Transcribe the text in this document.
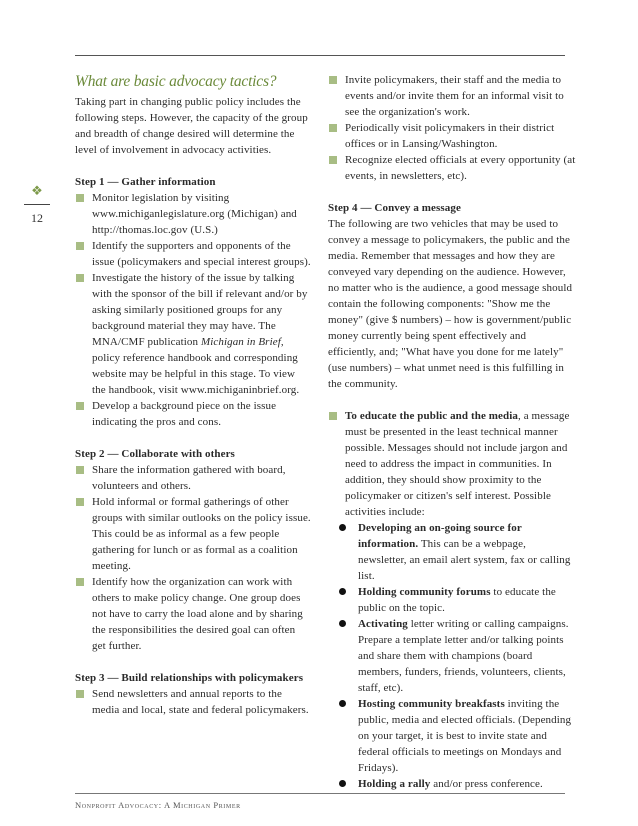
❖
12
What are basic advocacy tactics?

Taking part in changing public policy includes the following steps. However, the capacity of the group and breadth of change desired will determine the level of involvement in advocacy activities.

Step 1 — Gather information

Monitor legislation by visiting www.michiganlegislature.org (Michigan) and http://thomas.loc.gov (U.S.)
Identify the supporters and opponents of the issue (policymakers and special interest groups).
Investigate the history of the issue by talking with the sponsor of the bill if relevant and/or by asking similarly positioned groups for any background material they may have. The MNA/CMF publication Michigan in Brief, policy reference handbook and corresponding website may be helpful in this stage. To view the handbook, visit www.michiganinbrief.org.
Develop a background piece on the issue indicating the pros and cons.

Step 2 — Collaborate with others

Share the information gathered with board, volunteers and others.
Hold informal or formal gatherings of other groups with similar outlooks on the policy issue. This could be as informal as a few people gathering for lunch or as formal as a coalition meeting.
Identify how the organization can work with others to make policy change. One group does not have to carry the load alone and by sharing the responsibilities the desired goal can often get further.

Step 3 — Build relationships with policymakers

Send newsletters and annual reports to the media and local, state and federal policymakers.
Invite policymakers, their staff and the media to events and/or invite them for an informal visit to see the organization's work.
Periodically visit policymakers in their district offices or in Lansing/Washington.
Recognize elected officials at every opportunity (at events, in newsletters, etc).

Step 4 — Convey a message

The following are two vehicles that may be used to convey a message to policymakers, the public and the media. Remember that messages and how they are conveyed vary depending on the audience. However, no matter who is the audience, a good message should contain the following components: "Show me the money" (give $ numbers) – how is government/public money currently being spent effectively and efficiently, and; "What have you done for me lately" (use numbers) – what unmet need is this fulfilling in the community.

To educate the public and the media, a message must be presented in the least technical manner possible. Messages should not include jargon and need to address the impact in communities. In addition, they should show proximity to the policymaker or citizen's self interest. Possible activities include:
Developing an on-going source for information. This can be a webpage, newsletter, an email alert system, fax or calling list.
Holding community forums to educate the public on the topic.
Activating letter writing or calling campaigns. Prepare a template letter and/or talking points and share them with champions (board members, funders, friends, volunteers, clients, staff, etc).
Hosting community breakfasts inviting the public, media and elected officials. (Depending on your target, it is best to invite state and federal officials to meetings on Mondays and Fridays).
Holding a rally and/or press conference.
Nonprofit Advocacy: A Michigan Primer
